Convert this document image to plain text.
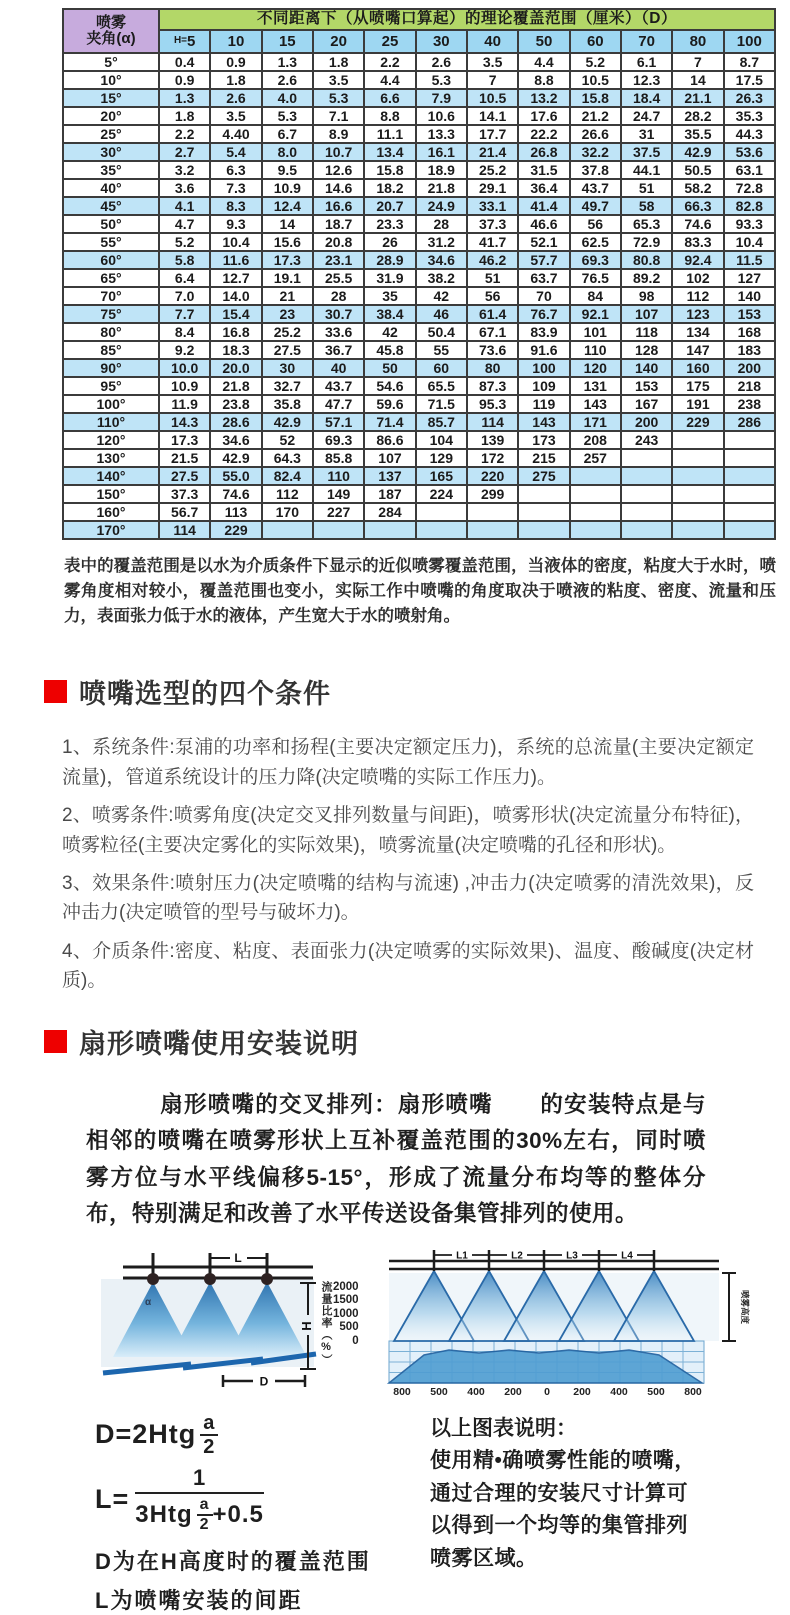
喷雾
夹角(α)	不同距离下（从喷嘴口算起）的理论覆盖范围（厘米）（D）											
	$^{H=}$5	10	15	20	25	30	40	50	60	70	80	100
5°	0.4	0.9	1.3	1.8	2.2	2.6	3.5	4.4	5.2	6.1	7	8.7
10°	0.9	1.8	2.6	3.5	4.4	5.3	7	8.8	10.5	12.3	14	17.5
15°	1.3	2.6	4.0	5.3	6.6	7.9	10.5	13.2	15.8	18.4	21.1	26.3
20°	1.8	3.5	5.3	7.1	8.8	10.6	14.1	17.6	21.2	24.7	28.2	35.3
25°	2.2	4.40	6.7	8.9	11.1	13.3	17.7	22.2	26.6	31	35.5	44.3
30°	2.7	5.4	8.0	10.7	13.4	16.1	21.4	26.8	32.2	37.5	42.9	53.6
35°	3.2	6.3	9.5	12.6	15.8	18.9	25.2	31.5	37.8	44.1	50.5	63.1
40°	3.6	7.3	10.9	14.6	18.2	21.8	29.1	36.4	43.7	51	58.2	72.8
45°	4.1	8.3	12.4	16.6	20.7	24.9	33.1	41.4	49.7	58	66.3	82.8
50°	4.7	9.3	14	18.7	23.3	28	37.3	46.6	56	65.3	74.6	93.3
55°	5.2	10.4	15.6	20.8	26	31.2	41.7	52.1	62.5	72.9	83.3	10.4
60°	5.8	11.6	17.3	23.1	28.9	34.6	46.2	57.7	69.3	80.8	92.4	11.5
65°	6.4	12.7	19.1	25.5	31.9	38.2	51	63.7	76.5	89.2	102	127
70°	7.0	14.0	21	28	35	42	56	70	84	98	112	140
75°	7.7	15.4	23	30.7	38.4	46	61.4	76.7	92.1	107	123	153
80°	8.4	16.8	25.2	33.6	42	50.4	67.1	83.9	101	118	134	168
85°	9.2	18.3	27.5	36.7	45.8	55	73.6	91.6	110	128	147	183
90°	10.0	20.0	30	40	50	60	80	100	120	140	160	200
95°	10.9	21.8	32.7	43.7	54.6	65.5	87.3	109	131	153	175	218
100°	11.9	23.8	35.8	47.7	59.6	71.5	95.3	119	143	167	191	238
110°	14.3	28.6	42.9	57.1	71.4	85.7	114	143	171	200	229	286
120°	17.3	34.6	52	69.3	86.6	104	139	173	208	243		
130°	21.5	42.9	64.3	85.8	107	129	172	215	257			
140°	27.5	55.0	82.4	110	137	165	220	275				
150°	37.3	74.6	112	149	187	224	299					
160°	56.7	113	170	227	284							
170°	114	229										

表中的覆盖范围是以水为介质条件下显示的近似喷雾覆盖范围，当液体的密度，粘度大于水时，喷雾角度相对较小，覆盖范围也变小，实际工作中喷嘴的角度取决于喷液的粘度、密度、流量和压力，表面张力低于水的液体，产生宽大于水的喷射角。

喷嘴选型的四个条件

1、系统条件:泵浦的功率和扬程(主要决定额定压力)，系统的总流量(主要决定额定流量)，管道系统设计的压力降(决定喷嘴的实际工作压力)。

2、喷雾条件:喷雾角度(决定交叉排列数量与间距)，喷雾形状(决定流量分布特征)，喷雾粒径(主要决定雾化的实际效果)，喷雾流量(决定喷嘴的孔径和形状)。

3、效果条件:喷射压力(决定喷嘴的结构与流速) ,冲击力(决定喷雾的清洗效果)，反冲击力(决定喷管的型号与破坏力)。

4、介质条件:密度、粘度、表面张力(决定喷雾的实际效果)、温度、酸碱度(决定材质)。

扇形喷嘴使用安装说明

扇形喷嘴的交叉排列：扇形喷嘴　　的安装特点是与相邻的喷嘴在喷雾形状上互补覆盖范围的30%左右，同时喷雾方位与水平线偏移5-15°，形成了流量分布均等的整体分布，特别满足和改善了水平传送设备集管排列的使用。

L
α
H
D
流量比率（%） 2000
1500
1000
500
0
L1	L2	L3	L4
喷雾高度
800 500 400 200 0 200 400 500 800
$D=2Htg \frac{a}{2}$
L=
1
$3Htg \frac{a}{2} +0.5$
D为在H高度时的覆盖范围
L为喷嘴安装的间距
以上图表说明：
使用精•确喷雾性能的喷嘴，
通过合理的安装尺寸计算可
以得到一个均等的集管排列
喷雾区域。
